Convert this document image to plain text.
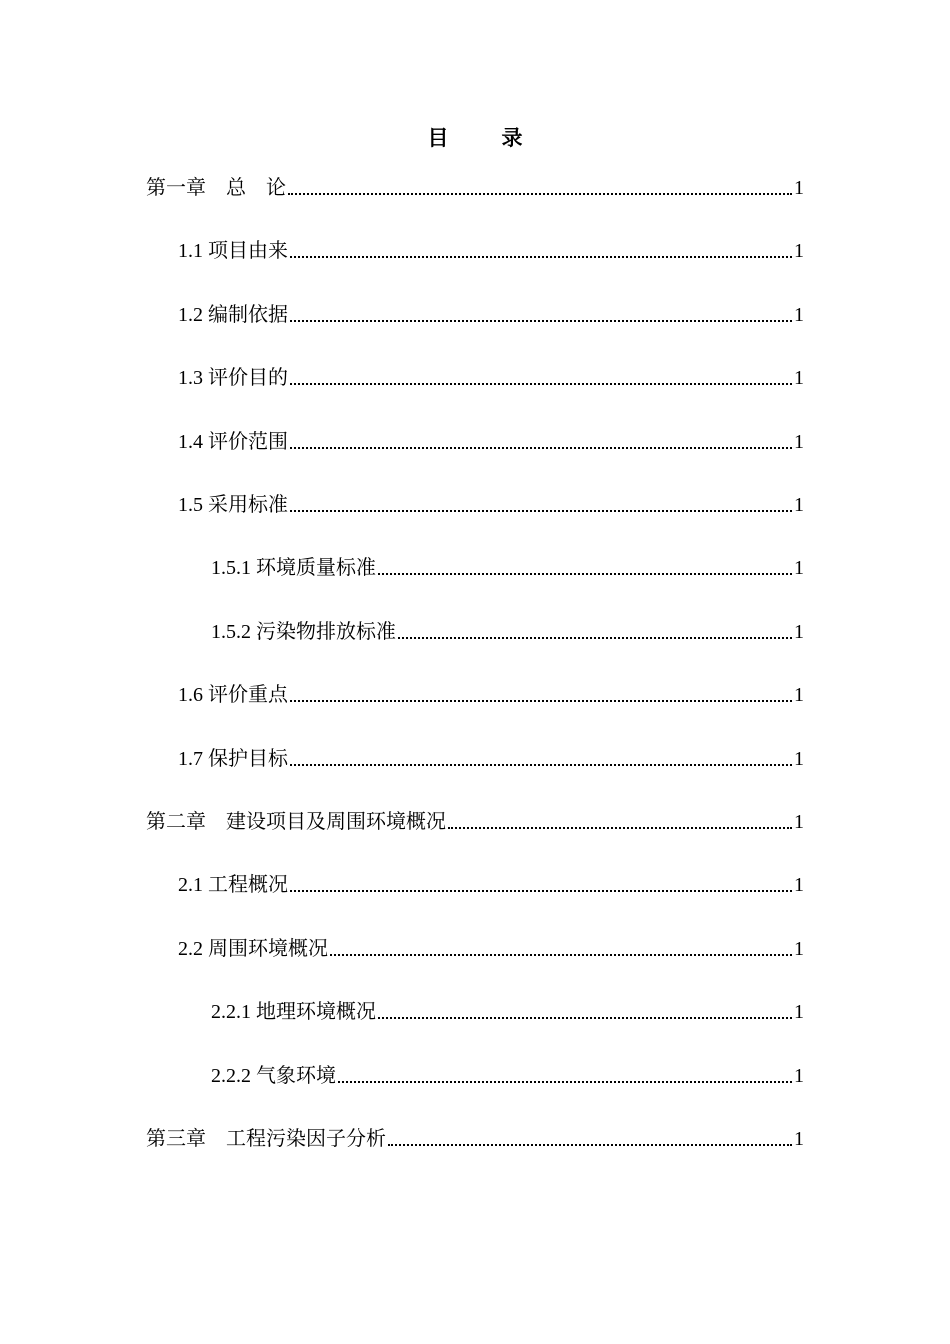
目　录
第一章　总　论	1
1.1 项目由来	1
1.2 编制依据	1
1.3 评价目的	1
1.4 评价范围	1
1.5 采用标准	1
1.5.1 环境质量标准	1
1.5.2 污染物排放标准	1
1.6 评价重点	1
1.7 保护目标	1
第二章　建设项目及周围环境概况	1
2.1 工程概况	1
2.2 周围环境概况	1
2.2.1 地理环境概况	1
2.2.2 气象环境	1
第三章　工程污染因子分析	1
